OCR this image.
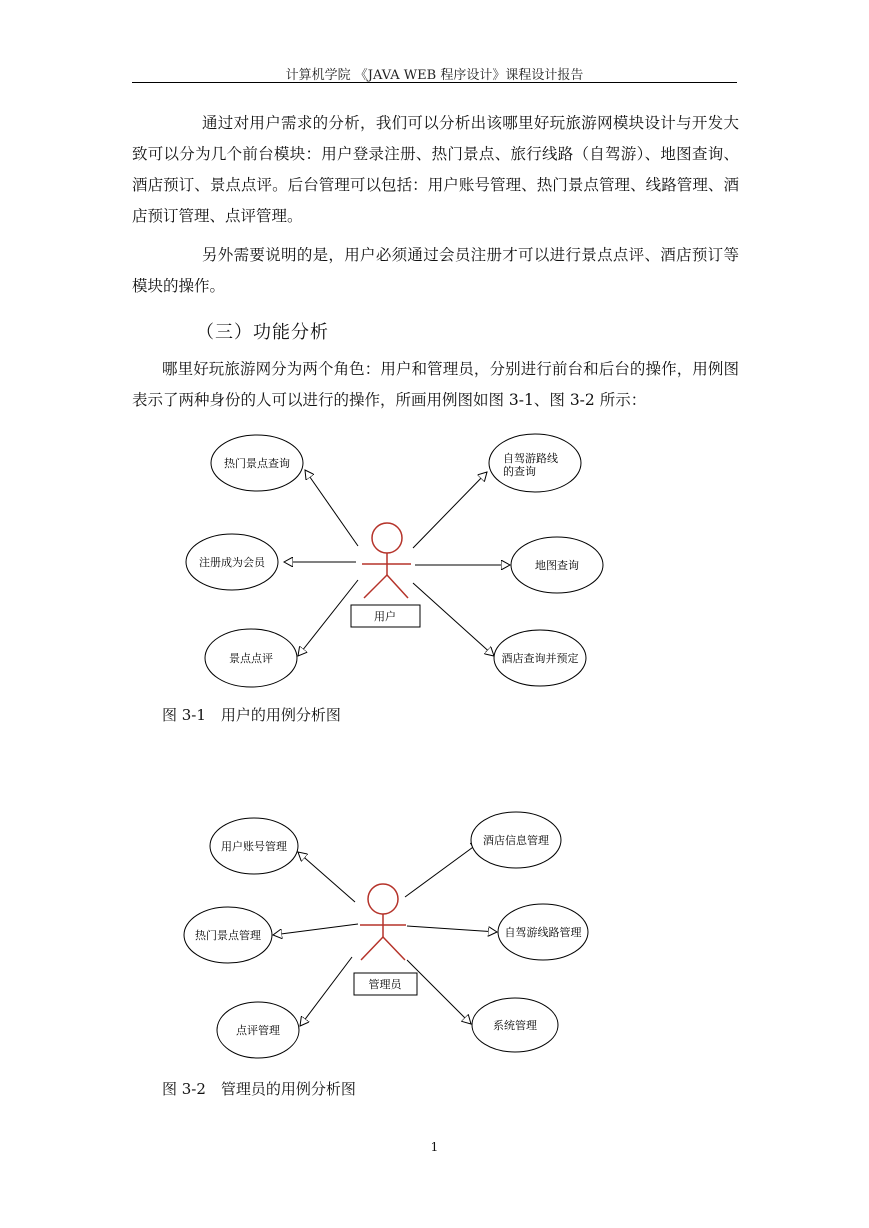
计算机学院 《JAVA WEB 程序设计》课程设计报告
通过对用户需求的分析，我们可以分析出该哪里好玩旅游网模块设计与开发大致可以分为几个前台模块：用户登录注册、热门景点、旅行线路（自驾游）、地图查询、酒店预订、景点点评。后台管理可以包括：用户账号管理、热门景点管理、线路管理、酒店预订管理、点评管理。
另外需要说明的是，用户必须通过会员注册才可以进行景点点评、酒店预订等模块的操作。
（三）功能分析
哪里好玩旅游网分为两个角色：用户和管理员，分别进行前台和后台的操作，用例图表示了两种身份的人可以进行的操作，所画用例图如图 3-1、图 3-2 所示：
用户
热门景点查询
注册成为会员
景点点评
自驾游路线
的查询
地图查询
酒店查询并预定
图 3-1　用户的用例分析图
管理员
用户账号管理
热门景点管理
点评管理
酒店信息管理
自驾游线路管理
系统管理
图 3-2　管理员的用例分析图
1
